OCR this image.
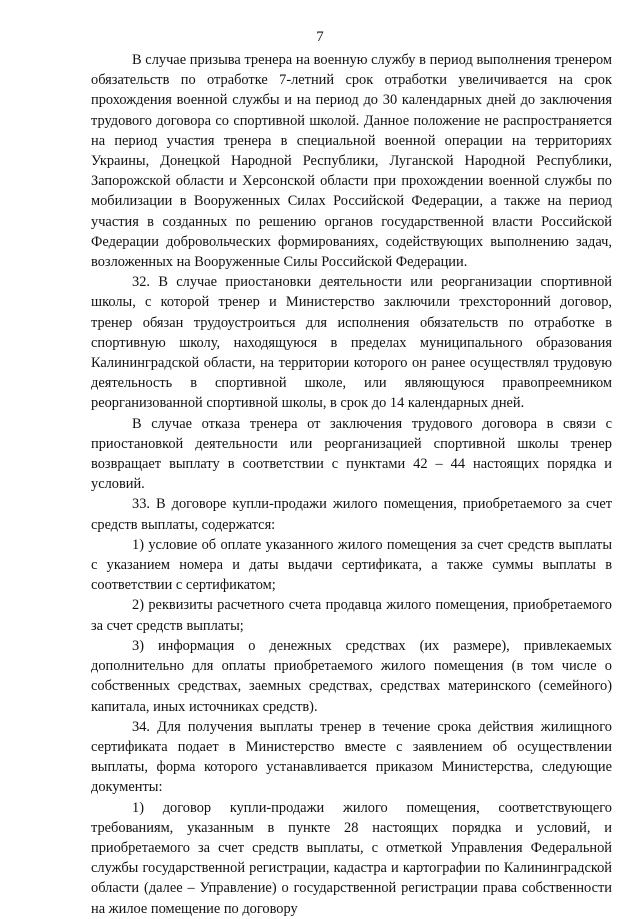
7

В случае призыва тренера на военную службу в период выполнения тренером обязательств по отработке 7-летний срок отработки увеличивается на срок прохождения военной службы и на период до 30 календарных дней до заключения трудового договора со спортивной школой. Данное положение не распространяется на период участия тренера в специальной военной операции на территориях Украины, Донецкой Народной Республики, Луганской Народной Республики, Запорожской области и Херсонской области при прохождении военной службы по мобилизации в Вооруженных Силах Российской Федерации, а также на период участия в созданных по решению органов государственной власти Российской Федерации добровольческих формированиях, содействующих выполнению задач, возложенных на Вооруженные Силы Российской Федерации.

32. В случае приостановки деятельности или реорганизации спортивной школы, с которой тренер и Министерство заключили трехсторонний договор, тренер обязан трудоустроиться для исполнения обязательств по отработке в спортивную школу, находящуюся в пределах муниципального образования Калининградской области, на территории которого он ранее осуществлял трудовую деятельность в спортивной школе, или являющуюся правопреемником реорганизованной спортивной школы, в срок до 14 календарных дней.

В случае отказа тренера от заключения трудового договора в связи с приостановкой деятельности или реорганизацией спортивной школы тренер возвращает выплату в соответствии с пунктами 42 – 44 настоящих порядка и условий.

33. В договоре купли-продажи жилого помещения, приобретаемого за счет средств выплаты, содержатся:

1) условие об оплате указанного жилого помещения за счет средств выплаты с указанием номера и даты выдачи сертификата, а также суммы выплаты в соответствии с сертификатом;

2) реквизиты расчетного счета продавца жилого помещения, приобретаемого за счет средств выплаты;

3) информация о денежных средствах (их размере), привлекаемых дополнительно для оплаты приобретаемого жилого помещения (в том числе о собственных средствах, заемных средствах, средствах материнского (семейного) капитала, иных источниках средств).

34. Для получения выплаты тренер в течение срока действия жилищного сертификата подает в Министерство вместе с заявлением об осуществлении выплаты, форма которого устанавливается приказом Министерства, следующие документы:

1) договор купли-продажи жилого помещения, соответствующего требованиям, указанным в пункте 28 настоящих порядка и условий, и приобретаемого за счет средств выплаты, с отметкой Управления Федеральной службы государственной регистрации, кадастра и картографии по Калининградской области (далее – Управление) о государственной регистрации права собственности на жилое помещение по договору
